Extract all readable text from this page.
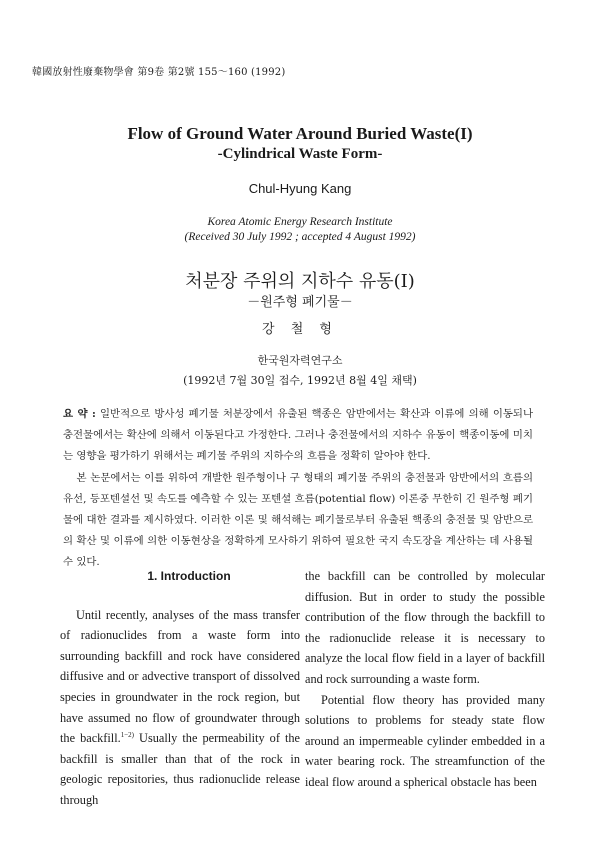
韓國放射性廢棄物學會 第9卷 第2號 155～160 (1992)
Flow of Ground Water Around Buried Waste(I)
-Cylindrical Waste Form-
Chul-Hyung Kang
Korea Atomic Energy Research Institute
(Received 30 July 1992 ; accepted 4 August 1992)
처분장 주위의 지하수 유동(I)
－원주형 폐기물－
강 철 형
한국원자력연구소
(1992년 7월 30일 접수, 1992년 8월 4일 채택)

요 약 : 일반적으로 방사성 폐기물 처분장에서 유출된 핵종은 암반에서는 확산과 이류에 의해 이동되나 충전물에서는 확산에 의해서 이동된다고 가정한다. 그러나 충전물에서의 지하수 유동이 핵종이동에 미치는 영향을 평가하기 위해서는 폐기물 주위의 지하수의 흐름을 정확히 알아야 한다.

본 논문에서는 이를 위하여 개발한 원주형이나 구 형태의 폐기물 주위의 충전물과 암반에서의 흐름의 유선, 등포텐셜선 및 속도를 예측할 수 있는 포텐셜 흐름(potential flow) 이론중 무한히 긴 원주형 폐기물에 대한 결과를 제시하였다. 이러한 이론 및 해석해는 폐기물로부터 유출된 핵종의 충전물 및 암반으로의 확산 및 이류에 의한 이동현상을 정확하게 모사하기 위하여 필요한 국지 속도장을 계산하는 데 사용될 수 있다.

1. Introduction

Until recently, analyses of the mass transfer of radionuclides from a waste form into surrounding backfill and rock have considered diffusive and or advective transport of dissolved species in groundwater in the rock region, but have assumed no flow of groundwater through the backfill.$^{1-2)}$ Usually the permeability of the backfill is smaller than that of the rock in geologic repositories, thus radionuclide release through

the backfill can be controlled by molecular diffusion. But in order to study the possible contribution of the flow through the backfill to the radionuclide release it is necessary to analyze the local flow field in a layer of backfill and rock surrounding a waste form.

Potential flow theory has provided many solutions to problems for steady state flow around an impermeable cylinder embedded in a water bearing rock. The streamfunction of the ideal flow around a spherical obstacle has been
